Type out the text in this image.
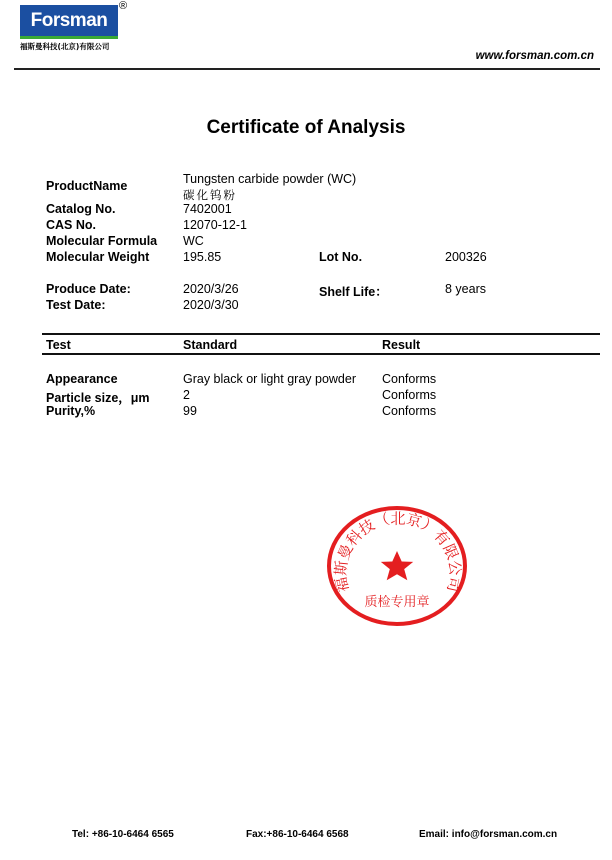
Forsman
®
福斯曼科技(北京)有限公司
www.forsman.com.cn
Certificate of Analysis
ProductName	Tungsten carbide powder (WC)
碳化钨粉
Catalog No.	7402001
CAS No.	12070-12-1
Molecular Formula WC
Molecular Weight	195.85	Lot No.	200326
Produce Date:	2020/3/26	Shelf Life：	8 years
Test Date:	2020/3/30
Test	Standard	Result
Appearance	Gray black or light gray powder Conforms
Particle size，μm	2	Conforms
Purity,%	99	Conforms
福斯曼科技（北京）有限公司
质检专用章
Tel: +86-10-6464 6565	Fax:+86-10-6464 6568	Email: info@forsman.com.cn
